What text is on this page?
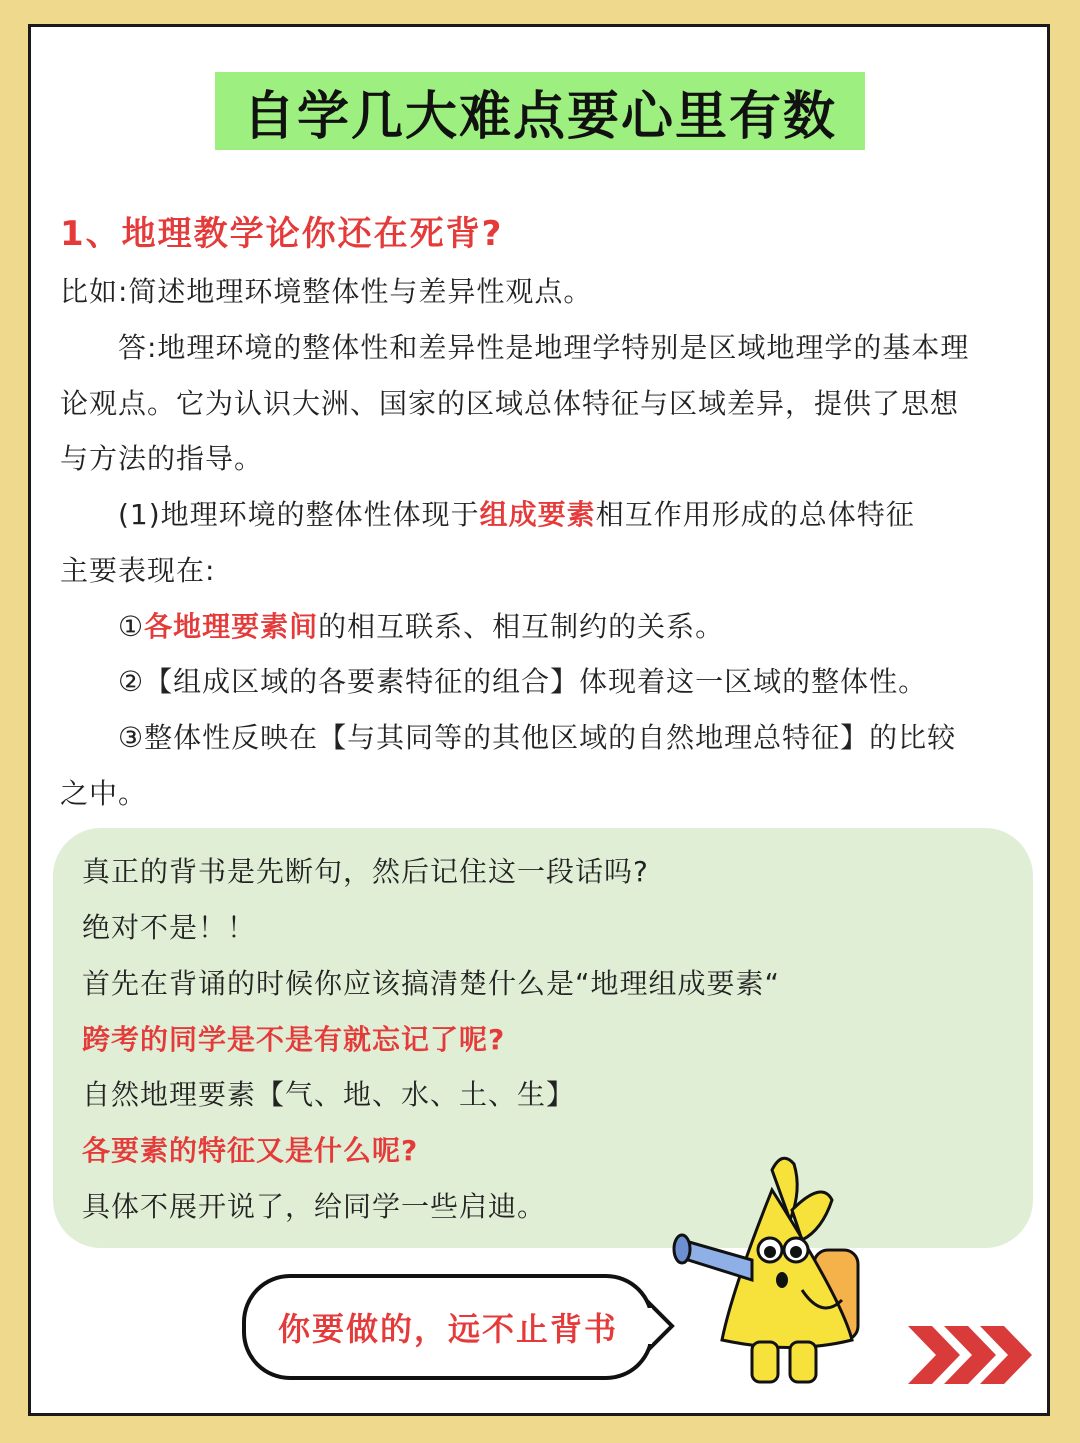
自学几大难点要心里有数
1、地理教学论你还在死背?
比如:简述地理环境整体性与差异性观点。
答:地理环境的整体性和差异性是地理学特别是区域地理学的基本理
论观点。它为认识大洲、国家的区域总体特征与区域差异，提供了思想
与方法的指导。
(1)地理环境的整体性体现于组成要素相互作用形成的总体特征
主要表现在:
①各地理要素间的相互联系、相互制约的关系。
②【组成区域的各要素特征的组合】体现着这一区域的整体性。
③整体性反映在【与其同等的其他区域的自然地理总特征】的比较
之中。
真正的背书是先断句，然后记住这一段话吗?
绝对不是！！
首先在背诵的时候你应该搞清楚什么是“地理组成要素“
跨考的同学是不是有就忘记了呢?
自然地理要素【气、地、水、土、生】
各要素的特征又是什么呢?
具体不展开说了，给同学一些启迪。
你要做的，远不止背书
